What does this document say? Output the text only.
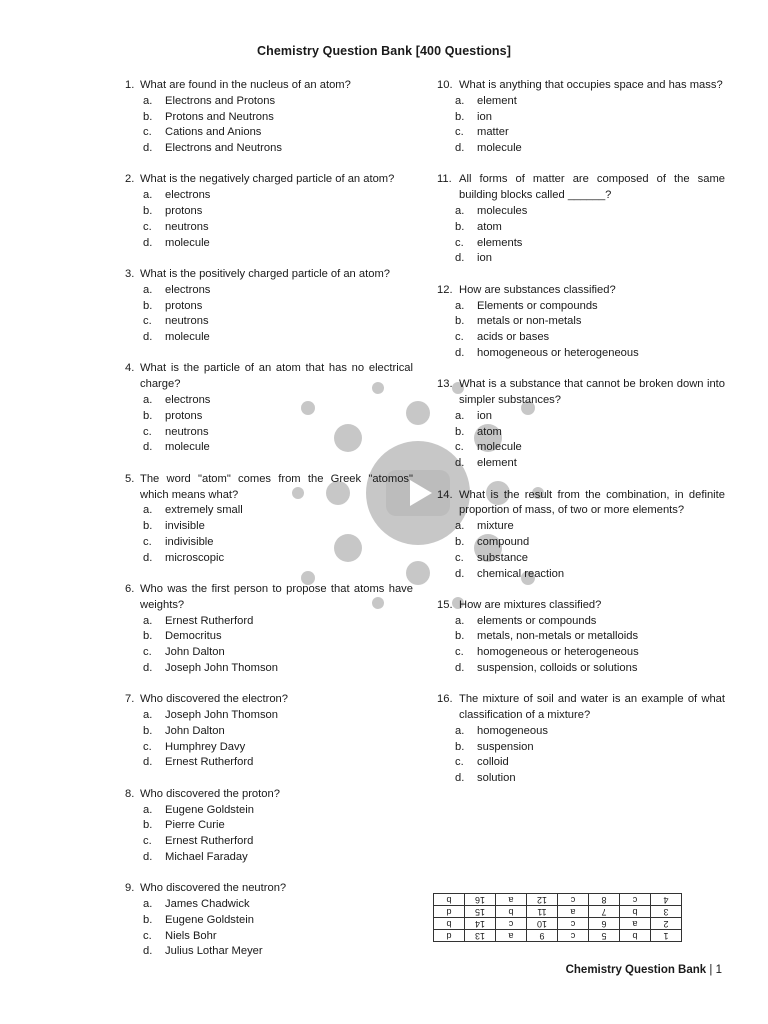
Chemistry Question Bank [400 Questions]
1. What are found in the nucleus of an atom?
a.	Electrons and Protons
b.	Protons and Neutrons
c.	Cations and Anions
d.	Electrons and Neutrons
2. What is the negatively charged particle of an atom?
a.	electrons
b.	protons
c.	neutrons
d.	molecule
3. What is the positively charged particle of an atom?
a.	electrons
b.	protons
c.	neutrons
d.	molecule
4. What is the particle of an atom that has no electrical charge?
a.	electrons
b.	protons
c.	neutrons
d.	molecule
5. The word "atom" comes from the Greek "atomos" which means what?
a.	extremely small
b.	invisible
c.	indivisible
d.	microscopic
6. Who was the first person to propose that atoms have weights?
a.	Ernest Rutherford
b.	Democritus
c.	John Dalton
d.	Joseph John Thomson
7. Who discovered the electron?
a.	Joseph John Thomson
b.	John Dalton
c.	Humphrey Davy
d.	Ernest Rutherford
8. Who discovered the proton?
a.	Eugene Goldstein
b.	Pierre Curie
c.	Ernest Rutherford
d.	Michael Faraday
9. Who discovered the neutron?
a.	James Chadwick
b.	Eugene Goldstein
c.	Niels Bohr
d.	Julius Lothar Meyer
10. What is anything that occupies space and has mass?
a.	element
b.	ion
c.	matter
d.	molecule
11. All forms of matter are composed of the same building blocks called ______?
a.	molecules
b.	atom
c.	elements
d.	ion
12. How are substances classified?
a.	Elements or compounds
b.	metals or non-metals
c.	acids or bases
d.	homogeneous or heterogeneous
13. What is a substance that cannot be broken down into simpler substances?
a.	ion
b.	atom
c.	molecule
d.	element
14. What is the result from the combination, in definite proportion of mass, of two or more elements?
a.	mixture
b.	compound
c.	substance
d.	chemical reaction
15. How are mixtures classified?
a.	elements or compounds
b.	metals, non-metals or metalloids
c.	homogeneous or heterogeneous
d.	suspension, colloids or solutions
16. The mixture of soil and water is an example of what classification of a mixture?
a.	homogeneous
b.	suspension
c.	colloid
d.	solution
1	b	5	c	9	a	13	d
2	a	6	c	10	c	14	b
3	b	7	a	11	b	15	d
4	c	8	c	12	a	16	b
Chemistry Question Bank | 1
